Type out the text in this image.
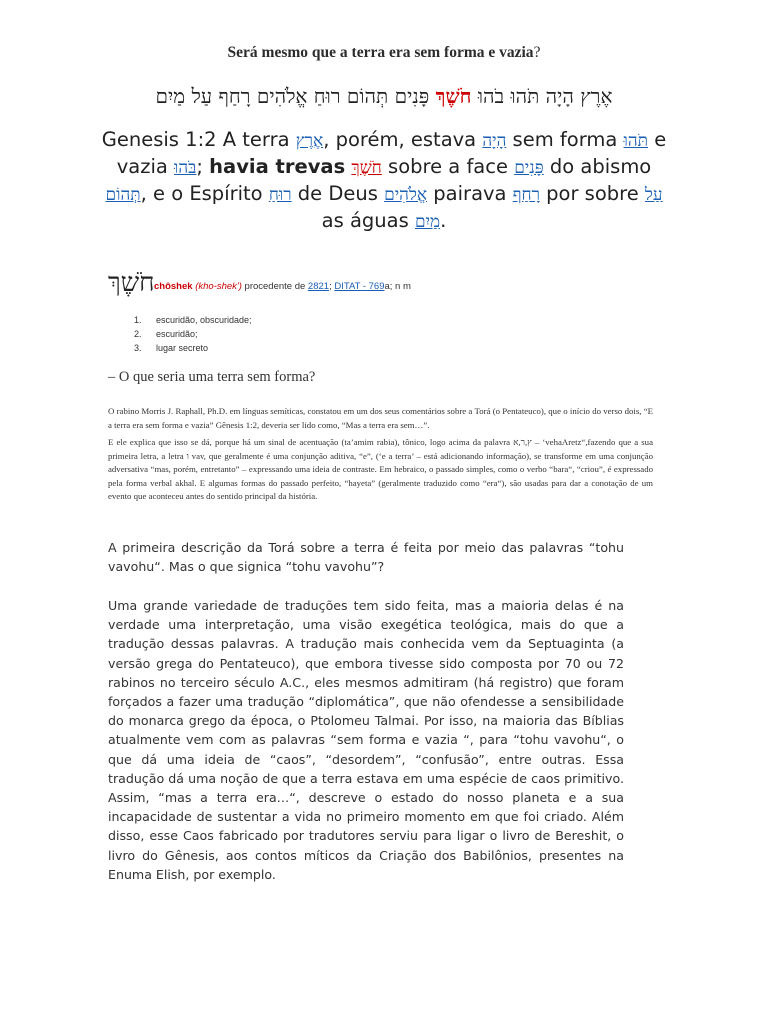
Será mesmo que a terra era sem forma e vazia?
אֶרֶץ הָיָה תֹּהוּ בֹהוּ חֹשֶׁךְ פָּנִים תְּהוֹם רוּחַ אֱלֹהִים רָחַף עַל מַיִם
Genesis 1:2 A terra אֶרֶץ, porém, estava הָיָה sem forma תֹּהוּ e vazia בֹּהוּ; havia trevas חֹשֶׁךְ sobre a face פָּנִים do abismo תְּהוֹם, e o Espírito רוּחַ de Deus אֱלֹהִים pairava רָחַף por sobre עַל as águas מַיִם.
חֹשֶׁךְ chôshek (kho-shek') procedente de 2821; DITAT - 769a; n m
1. escuridão, obscuridade;
2. escuridão;
3. lugar secreto
– O que seria uma terra sem forma?

O rabino Morris J. Raphall, Ph.D. em línguas semíticas, constatou em um dos seus comentários sobre a Torá (o Pentateuco), que o início do verso dois, “E a terra era sem forma e vazia” Gênesis 1:2, deveria ser lido como, “Mas a terra era sem…”.

E ele explica que isso se dá, porque há um sinal de acentuação (ta’amim rabia), tônico, logo acima da palavra ץ,ר,א – ‘vehaAretz“,fazendo que a sua primeira letra, a letra ו vav, que geralmente é uma conjunção aditiva, “e”, (‘e a terra’ – está adicionando informação), se transforme em uma conjunção adversativa “mas, porém, entretanto” – expressando uma ideia de contraste. Em hebraico, o passado simples, como o verbo “bara“, “criou”, é expressado pela forma verbal akhal. E algumas formas do passado perfeito, “hayeta” (geralmente traduzido como “era“), são usadas para dar a conotação de um evento que aconteceu antes do sentido principal da história.

A primeira descrição da Torá sobre a terra é feita por meio das palavras “tohu vavohu“. Mas o que signica “tohu vavohu”?

Uma grande variedade de traduções tem sido feita, mas a maioria delas é na verdade uma interpretação, uma visão exegética teológica, mais do que a tradução dessas palavras. A tradução mais conhecida vem da Septuaginta (a versão grega do Pentateuco), que embora tivesse sido composta por 70 ou 72 rabinos no terceiro século A.C., eles mesmos admitiram (há registro) que foram forçados a fazer uma tradução “diplomática”, que não ofendesse a sensibilidade do monarca grego da época, o Ptolomeu Talmai. Por isso, na maioria das Bíblias atualmente vem com as palavras “sem forma e vazia “, para “tohu vavohu“, o que dá uma ideia de “caos”, “desordem”, “confusão”, entre outras. Essa tradução dá uma noção de que a terra estava em uma espécie de caos primitivo. Assim, “mas a terra era…“, descreve o estado do nosso planeta e a sua incapacidade de sustentar a vida no primeiro momento em que foi criado. Além disso, esse Caos fabricado por tradutores serviu para ligar o livro de Bereshit, o livro do Gênesis, aos contos míticos da Criação dos Babilônios, presentes na Enuma Elish, por exemplo.
